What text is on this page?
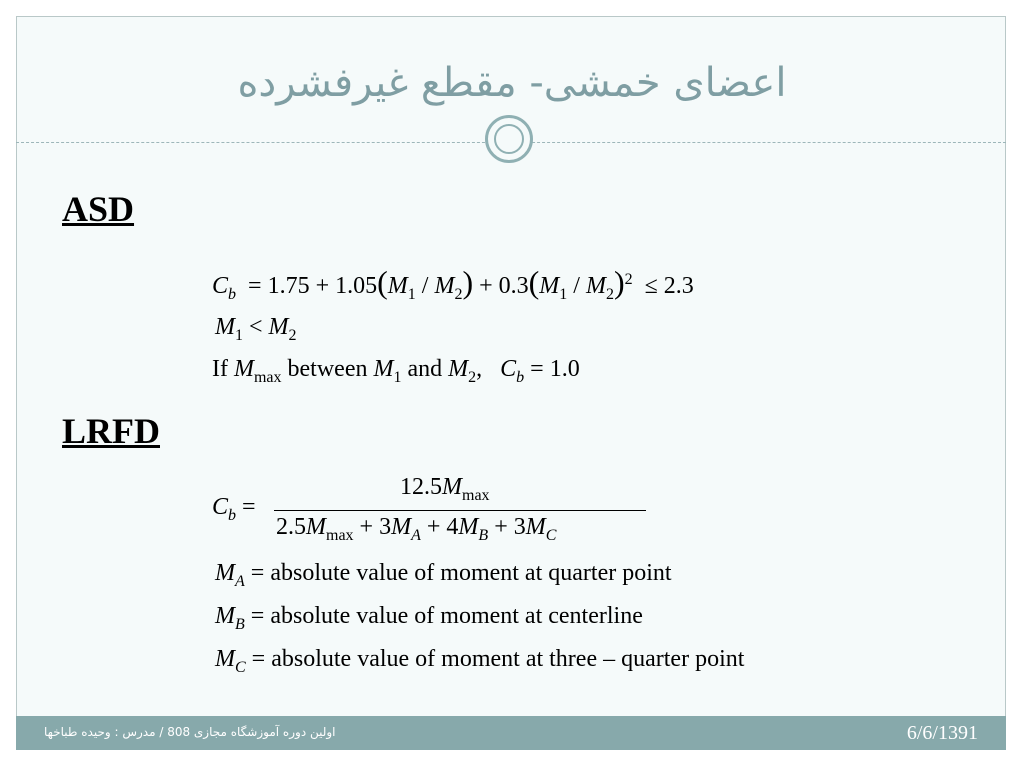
اعضای خمشی- مقطع غیرفشرده
ASD
$C_b = 1.75 + 1.05(M_1 / M_2) + 0.3(M_1 / M_2)^2 \le 2.3$
$M_1 < M_2$
If $M_{max}$ between $M_1$ and $M_2$,   $C_b = 1.0$
LRFD
$C_b$ =
$12.5M_{max}$
$2.5M_{max} + 3M_A + 4M_B + 3M_C$
$M_A$ = absolute value of moment at quarter point
$M_B$ = absolute value of moment at centerline
$M_C$ = absolute value of moment at three – quarter point
اولین دوره آموزشگاه مجازی 808 / مدرس : وحیده طباخها	6/6/1391
